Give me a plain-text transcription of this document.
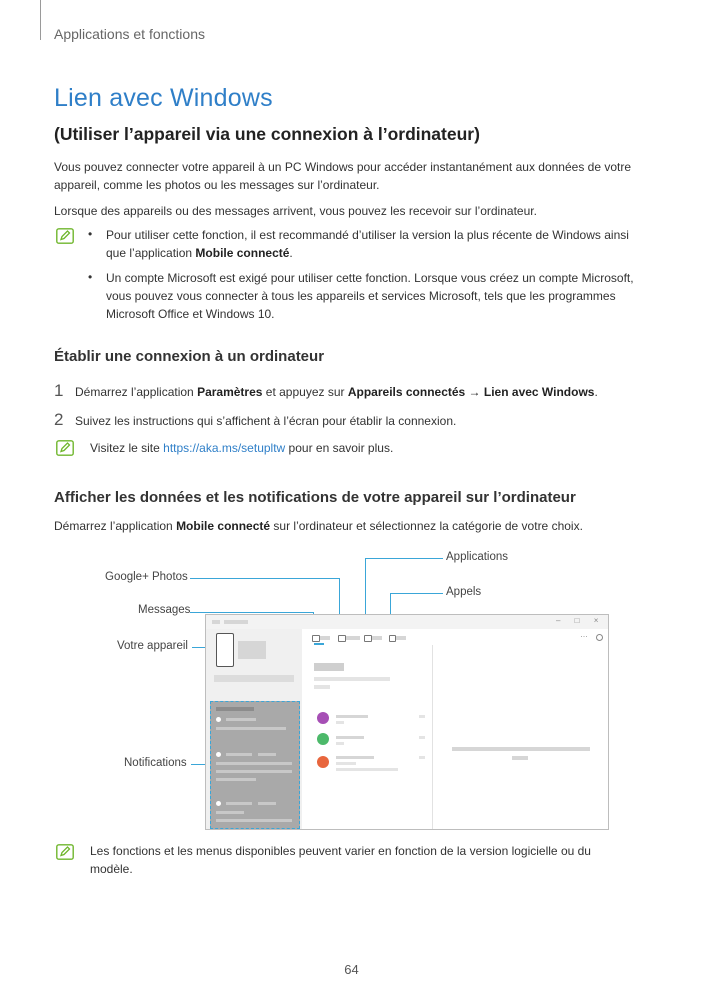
Applications et fonctions
Lien avec Windows
(Utiliser l’appareil via une connexion à l’ordinateur)
Vous pouvez connecter votre appareil à un PC Windows pour accéder instantanément aux données de votre appareil, comme les photos ou les messages sur l’ordinateur.
Lorsque des appareils ou des messages arrivent, vous pouvez les recevoir sur l’ordinateur.
• Pour utiliser cette fonction, il est recommandé d’utiliser la version la plus récente de Windows ainsi que l’application Mobile connecté.
• Un compte Microsoft est exigé pour utiliser cette fonction. Lorsque vous créez un compte Microsoft, vous pouvez vous connecter à tous les appareils et services Microsoft, tels que les programmes Microsoft Office et Windows 10.
Établir une connexion à un ordinateur
1 Démarrez l’application Paramètres et appuyez sur Appareils connectés → Lien avec Windows.
2 Suivez les instructions qui s’affichent à l’écran pour établir la connexion.
Visitez le site https://aka.ms/setupltw pour en savoir plus.
Afficher les données et les notifications de votre appareil sur l’ordinateur
Démarrez l’application Mobile connecté sur l’ordinateur et sélectionnez la catégorie de votre choix.
Applications
Google+ Photos
Appels
Messages
Votre appareil
Notifications
– □ ×
…
Les fonctions et les menus disponibles peuvent varier en fonction de la version logicielle ou du modèle.
64
